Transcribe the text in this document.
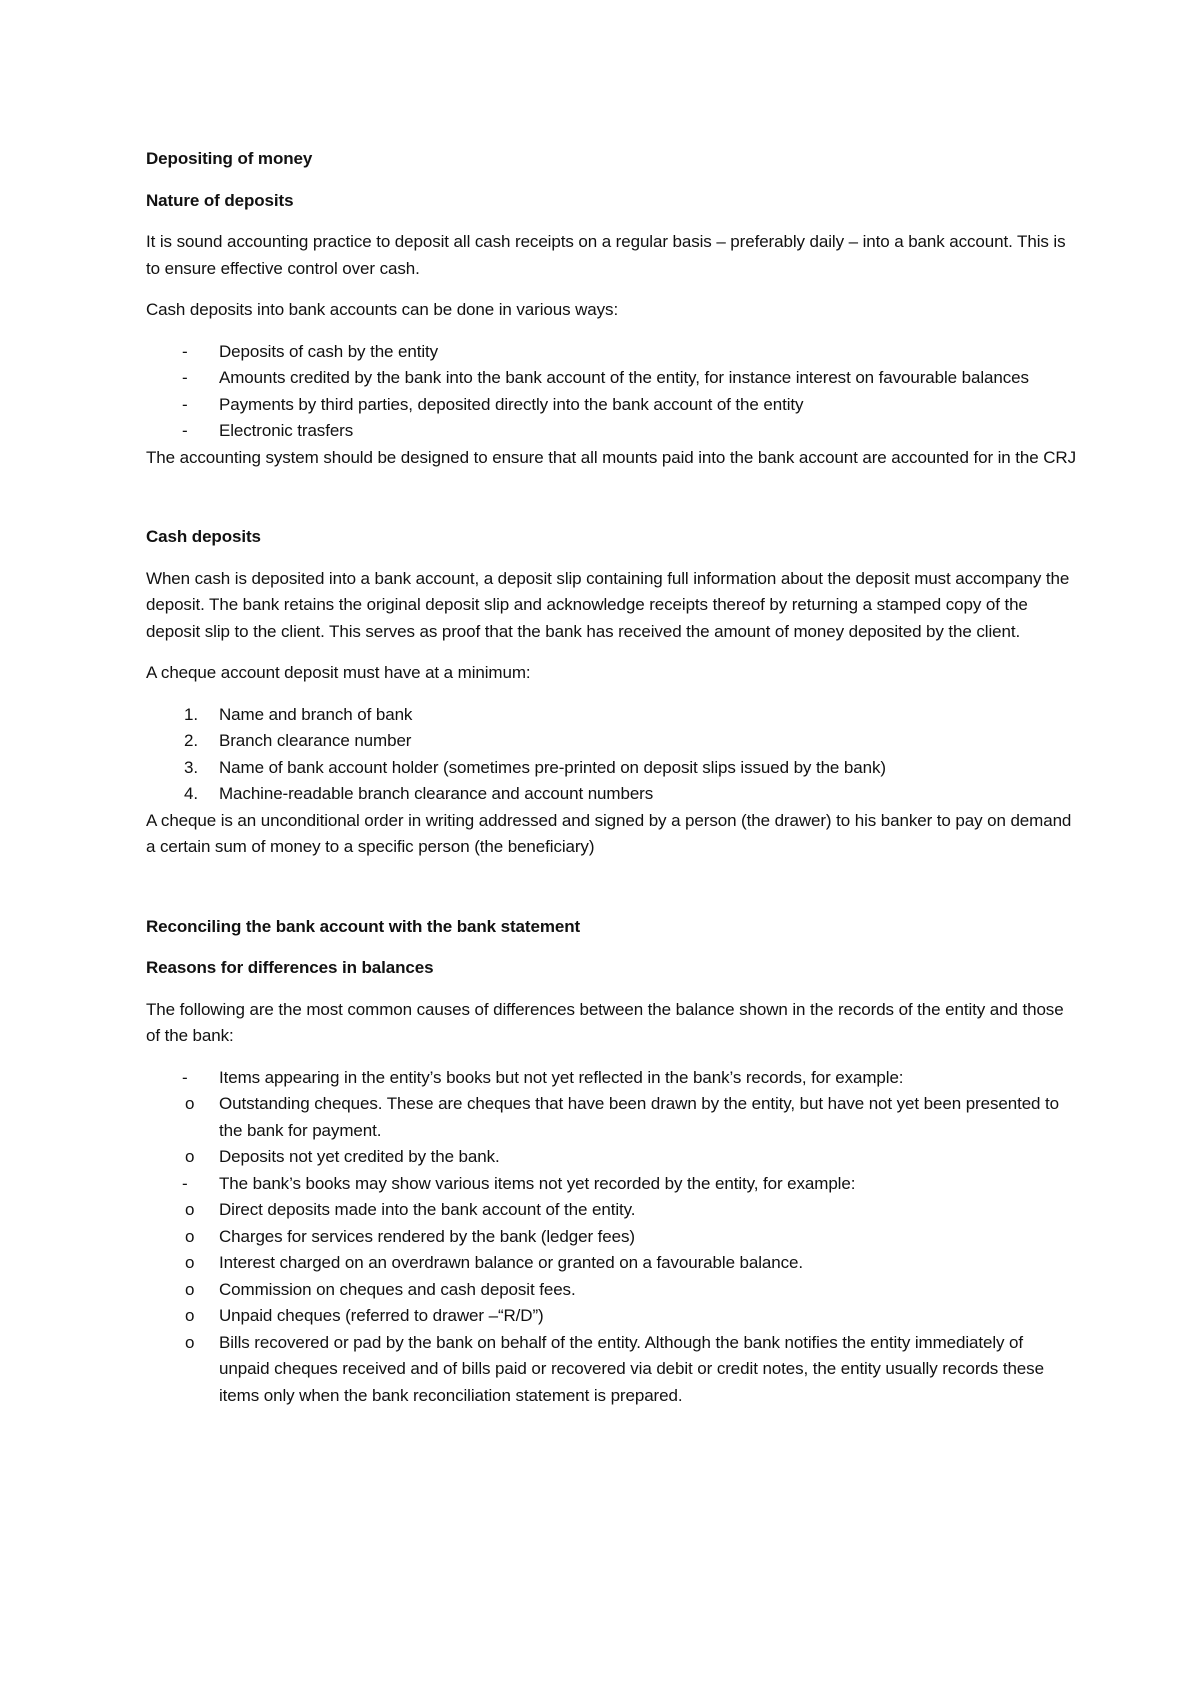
Depositing of money

Nature of deposits

It is sound accounting practice to deposit all cash receipts on a regular basis – preferably daily – into a bank account. This is to ensure effective control over cash.

Cash deposits into bank accounts can be done in various ways:

- Deposits of cash by the entity
- Amounts credited by the bank into the bank account of the entity, for instance interest on favourable balances
- Payments by third parties, deposited directly into the bank account of the entity
- Electronic trasfers

The accounting system should be designed to ensure that all mounts paid into the bank account are accounted for in the CRJ

Cash deposits

When cash is deposited into a bank account, a deposit slip containing full information about the deposit must accompany the deposit. The bank retains the original deposit slip and acknowledge receipts thereof by returning a stamped copy of the deposit slip to the client. This serves as proof that the bank has received the amount of money deposited by the client.

A cheque account deposit must have at a minimum:

1. Name and branch of bank
2. Branch clearance number
3. Name of bank account holder (sometimes pre-printed on deposit slips issued by the bank)
4. Machine-readable branch clearance and account numbers

A cheque is an unconditional order in writing addressed and signed by a person (the drawer) to his banker to pay on demand a certain sum of money to a specific person (the beneficiary)

Reconciling the bank account with the bank statement

Reasons for differences in balances

The following are the most common causes of differences between the balance shown in the records of the entity and those of the bank:

- Items appearing in the entity’s books but not yet reflected in the bank’s records, for example:
o Outstanding cheques. These are cheques that have been drawn by the entity, but have not yet been presented to the bank for payment.
o Deposits not yet credited by the bank.
- The bank’s books may show various items not yet recorded by the entity, for example:
o Direct deposits made into the bank account of the entity.
o Charges for services rendered by the bank (ledger fees)
o Interest charged on an overdrawn balance or granted on a favourable balance.
o Commission on cheques and cash deposit fees.
o Unpaid cheques (referred to drawer –“R/D”)
o Bills recovered or pad by the bank on behalf of the entity. Although the bank notifies the entity immediately of unpaid cheques received and of bills paid or recovered via debit or credit notes, the entity usually records these items only when the bank reconciliation statement is prepared.
